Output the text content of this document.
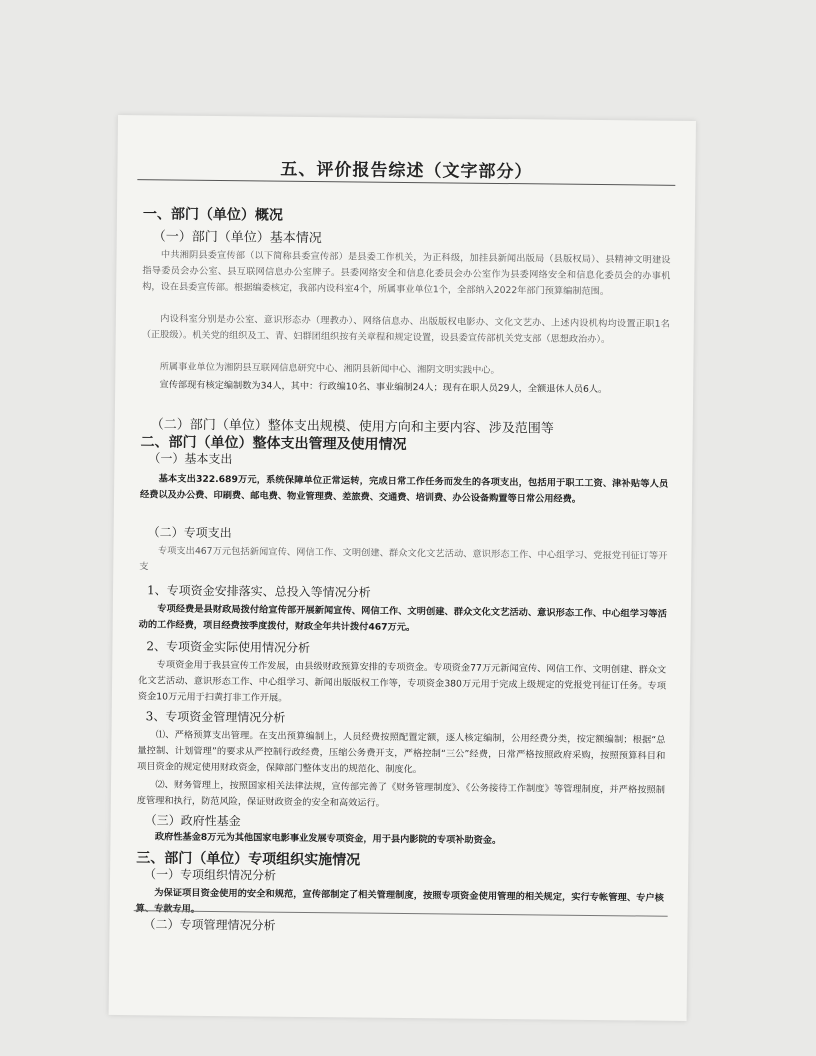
五、评价报告综述（文字部分）
一、部门（单位）概况
（一）部门（单位）基本情况
中共湘阴县委宣传部（以下简称县委宣传部）是县委工作机关，为正科级，加挂县新闻出版局（县版权局）、县精神文明建设指导委员会办公室、县互联网信息办公室牌子。县委网络安全和信息化委员会办公室作为县委网络安全和信息化委员会的办事机构，设在县委宣传部。根据编委核定，我部内设科室4个，所属事业单位1个，全部纳入2022年部门预算编制范围。
内设科室分别是办公室、意识形态办（理教办）、网络信息办、出版版权电影办、文化文艺办、上述内设机构均设置正职1名（正股级）。机关党的组织及工、青、妇群团组织按有关章程和规定设置，设县委宣传部机关党支部（思想政治办）。
所属事业单位为湘阴县互联网信息研究中心、湘阴县新闻中心、湘阴文明实践中心。
宣传部现有核定编制数为34人，其中：行政编10名、事业编制24人；现有在职人员29人，全额退休人员6人。
（二）部门（单位）整体支出规模、使用方向和主要内容、涉及范围等
二、部门（单位）整体支出管理及使用情况
（一）基本支出
基本支出322.689万元，系统保障单位正常运转，完成日常工作任务而发生的各项支出，包括用于职工工资、津补贴等人员经费以及办公费、印刷费、邮电费、物业管理费、差旅费、交通费、培训费、办公设备购置等日常公用经费。
（二）专项支出
专项支出467万元包括新闻宣传、网信工作、文明创建、群众文化文艺活动、意识形态工作、中心组学习、党报党刊征订等开支
1、专项资金安排落实、总投入等情况分析
专项经费是县财政局拨付给宣传部开展新闻宣传、网信工作、文明创建、群众文化文艺活动、意识形态工作、中心组学习等活动的工作经费，项目经费按季度拨付，财政全年共计拨付467万元。
2、专项资金实际使用情况分析
专项资金用于我县宣传工作发展，由县级财政预算安排的专项资金。专项资金77万元新闻宣传、网信工作、文明创建、群众文化文艺活动、意识形态工作、中心组学习、新闻出版版权工作等，专项资金380万元用于完成上级规定的党报党刊征订任务。专项资金10万元用于扫黄打非工作开展。
3、专项资金管理情况分析
⑴、严格预算支出管理。在支出预算编制上，人员经费按照配置定额，逐人核定编制，公用经费分类，按定额编制；根据“总量控制、计划管理”的要求从严控制行政经费，压缩公务费开支，严格控制“三公”经费，日常严格按照政府采购，按照预算科目和项目资金的规定使用财政资金，保障部门整体支出的规范化、制度化。
⑵、财务管理上，按照国家相关法律法规，宣传部完善了《财务管理制度》、《公务接待工作制度》等管理制度，并严格按照制度管理和执行，防范风险，保证财政资金的安全和高效运行。
（三）政府性基金
政府性基金8万元为其他国家电影事业发展专项资金，用于县内影院的专项补助资金。
三、部门（单位）专项组织实施情况
（一）专项组织情况分析
为保证项目资金使用的安全和规范，宣传部制定了相关管理制度，按照专项资金使用管理的相关规定，实行专帐管理、专户核算、专款专用。
（二）专项管理情况分析
